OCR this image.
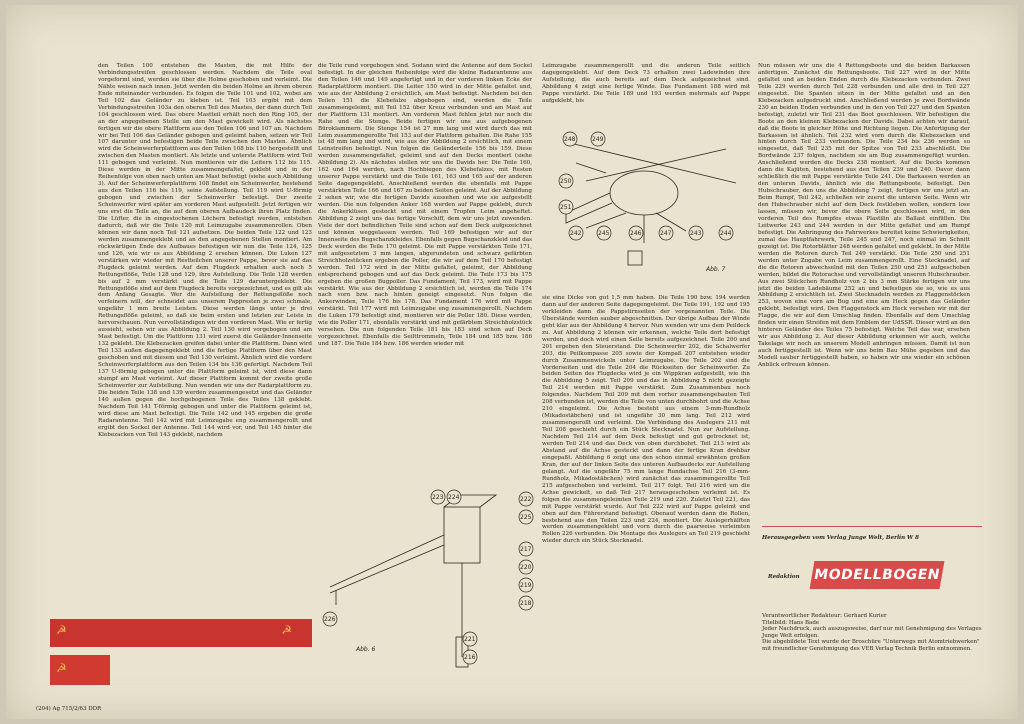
den Teilen 100 entstehen die Masten, die mit Hilfe der Verbindungsstreifen geschlossen werden. Nachdem die Teile oval vorgeformt sind, werden sie über die Holme geschoben und verleimt. Die Nähte weisen nach innen. Jetzt werden die beiden Holme an ihrem oberen Ende miteinander verbunden. Es folgen die Teile 101 und 102, wobei am Teil 102 das Geländer zu kleben ist. Teil 103 ergibt mit dem Verbindungsstreifen 103a den oberen Teil des Mastes, der dann durch Teil 104 geschlossen wird. Das obere Mastteil erhält noch den Ring 105, der an der angegebenen Stelle um den Mast gewickelt wird. Als nächstes fertigen wir die obere Plattform aus den Teilen 106 und 107 an. Nachdem wir bei Teil 106 das Geländer gebogen und geleimt haben, setzen wir Teil 107 darunter und befestigen beide Teile zwischen den Masten. Ähnlich wird die Scheinwerferplattform aus den Teilen 108 bis 110 hergestellt und zwischen den Masten montiert. Als letzte und unterste Plattform wird Teil 111 gebogen und verleimt. Nun montieren wir die Leitern 112 bis 115. Diese werden in der Mitte zusammengefaltet, geklebt und in der Reihenfolge von oben nach unten am Mast befestigt (siehe auch Abbildung 3). Auf der Scheinwerferplattform 108 findet ein Scheinwerfer, bestehend aus den Teilen 116 bis 119, seine Aufstellung. Teil 119 wird U-förmig gebogen und zwischen der Scheinwerfer befestigt. Der zweite Scheinwerfer wird später am vorderen Mast aufgestellt. Jetzt fertigen wir uns erst die Teile an, die auf dem oberen Aufbaudeck ihren Platz finden. Die Lüfter, die in eingestochenen Löchern befestigt werden, entstehen dadurch, daß wir die Teile 120 mit Leimzugabe zusammenrollen. Oben können wir dann noch Teil 121 aufsetzen. Die beiden Teile 122 und 123 werden zusammengeklebt und an den angegebenen Stellen montiert. Am rückwärtigen Ende des Aufbaues befestigen wir nun die Teile 124, 125 und 126, wie wir es aus Abbildung 2 ersehen können. Die Luken 127 verstärken wir wieder mit Restteilchen unserer Pappe, bevor sie auf das Flugdeck geleimt werden. Auf dem Flugdeck erhalten auch noch 5 Rettungsflöße, Teile 128 und 129, ihre Aufstellung. Die Teile 128 werden bis auf 2 mm verstärkt und die Teile 129 daruntergeklebt. Die Rettungsflöße sind auf dem Flugdeck bereits vorgezeichnet, und es gilt als dem Anfang Gesagte. Wer die Aufstellung der Rettungsflöße noch verfeinern will, der schneidet aus unserem Pappresten je zwei schmale, ungefähr 1 mm breite Leisten. Diese werden längs unter je drei Rettungsflöße geleimt, so daß sie beim ersten und letzten zur Leiste in hervorschauen. Nun vervollständigen wir den vorderen Mast. Wie er fertig aussieht, sehen wir aus Abbildung 2. Teil 130 wird vorgebogen und am Mast befestigt. Um die Plattform 131 wird zuerst die Geländer-Innenseite 132 geklebt. Die Klebezacken greifen dabei unter die Plattform. Dann wird Teil 133 außen dagegengeklebt und die fertige Plattform über den Mast geschoben und mit diesem und Teil 130 verleimt. Ähnlich wird die vordere Scheinwerferplattform aus den Teilen 134 bis 136 gefertigt. Nachdem Teil 137 U-förmig gebogen unter die Plattform geleimt ist, wird diese dann stumpf am Mast verleimt. Auf dieser Plattform kommt der zweite große Scheinwerfer zur Aufstellung. Nun wenden wir uns der Radarplattform zu. Die beiden Teile 138 und 139 werden zusammengesetzt und das Geländer 140 außen gegen die hochgebogenen Teile des Teiles 138 geklebt. Nachdem Teil 141 T-förmig gebogen und unter die Plattform geleimt ist, wird diese am Mast befestigt. Die Teile 142 und 145 ergeben die große Radarantenne. Teil 142 wird mit Leimzugabe eng zusammengerollt und ergibt den Sockel der Antenne. Teil 144 wird vor, und Teil 145 hinter die Klebezacken von Teil 143 geklebt, nachdem
die Teile rund vorgebogen sind. Sodann wird die Antenne auf dem Sockel befestigt. In der gleichen Reihenfolge wird die kleine Radarantenne aus den Teilen 146 und 149 angefertigt und in der vorderen linken Ecke der Radarplattform montiert. Die Leiter 150 wird in der Mitte gefaltet und, wie aus der Abbildung 2 ersichtlich, am Mast befestigt. Nachdem bei den Teilen 151 die Klebefalze abgebogen sind, werden die Teile zusammengeleimt, mit Teil 152 über Kreuz verbunden und am Mast auf der Plattform 131 montiert. Am vorderen Mast fehlen jetzt nur noch die Rahe und die Stenge. Beide fertigen wir uns aus aufgebogenen Büroklammern. Die Stenge 154 ist 27 mm lang und wird durch das mit Leim zusammengerollte Teil 153 auf der Plattform gehalten. Die Rahe 155 ist 48 mm lang und wird, wie aus der Abbildung 2 ersichtlich, mit einem Leinstreifen befestigt. Nun folgen die Geländerteile 156 bis 159. Diese werden zusammengefaltet, geleimt und auf den Decks montiert (siehe Abbildung 2). Als nächstes stellen wir uns die Davids her. Die Teile 160, 162 und 164 werden, nach Hochbiegen des Klebefalzes, mit Resten unserer Pappe verstärkt und die Teile 161, 163 und 165 auf der anderen Seite dagegengeklebt. Anschließend werden die ebenfalls mit Pappe verstärkten Teile 166 und 167 zu beiden Seiten geleimt. Auf der Abbildung 2 sehen wir, wie die fertigen Davids aussehen und wie sie aufgestellt werden. Die nun folgenden Anker 168 werden auf Pappe geklebt, durch die Ankerklüsen gesteckt und mit einem Tropfen Leim angeheftet. Abbildung 2 zeigt uns das fertige Vorschiff, dem wir uns jetzt zuwenden. Viele der dort befindlichen Teile sind schon auf dem Deck aufgezeichnet und können weggelassen werden. Teil 169 befestigen wir auf der Innenseite des Bugschanzkleides. Ebenfalls gegen Bugschanzkleid und das Deck werden die Teile 170 geleimt. Die mit Pappe verstärkten Teile 171, mit aufgesetztem 3 mm langen, abgerundeten und schwarz gefärbten Streichholzstücken ergeben die Poller, die wir auf dem Teil 170 befestigt werden. Teil 172 wird in der Mitte gefaltet, geleimt, der Abbildung entsprechend gebogen und auf das Deck geleimt. Die Teile 173 bis 175 ergeben die großen Bugpoller. Das Fundament, Teil 173, wird mit Pappe verstärkt. Wie aus der Abbildung 2 ersichtlich ist, werden die Teile 174 nach vorn bzw. nach hinten geneigt eingesetzt. Nun folgen die Ankerwinden, Teile 176 bis 178. Das Fundament 176 wird mit Pappe verstärkt. Teil 177 wird mit Leimzugabe eng zusammengerollt. Nachdem die Luken 179 befestigt sind, montieren wir die Poller 180. Diese werden, wie die Poller 171, ebenfalls verstärkt und mit gefärbtem Streichholzstück versehen. Die nun folgenden Teile 181 bis 183 sind schon auf Deck vorgezeichnet. Ebenfalls die Seilttrommeln, Teile 184 und 185 bzw. 186 und 187. Die Teile 184 bzw. 186 werden wieder mit
Leimzugabe zusammengerollt und die anderen Teile seitlich dagegengeklebt. Auf dem Deck 73 erhalten zwei Ladewinden ihre Aufstellung, die auch bereits auf dem Deck aufgezeichnet sind. Abbildung 4 zeigt eine fertige Winde. Das Fundament 188 wird mit Pappe verstärkt. Die Teile 189 und 193 werden mehrmals auf Pappe aufgeklebt, bis
sie eine Dicke von gut 1,5 mm haben. Die Teile 190 bzw. 194 werden dann auf der anderen Seite dagegengeleimt. Die Teile 191, 192 und 195 verkleiden dann die Pappstirnseiten der vorgenannten Teile. Die Überstände werden sauber abgeschnitten. Der übrige Aufbau der Winde geht klar aus der Abbildung 4 hervor. Nun wenden wir uns dem Peildeck zu. Auf Abbildung 2 können wir erkennen, welche Teile dort befestigt werden, und doch wird einen Seile bereits aufgezeichnet. Teile 200 und 201 ergeben den Steuerstand. Die Scheinwerfer 202, die Schalwerfer 203, die Peilkompasse 205 sowie der Kompaß 207 entstehen wieder durch Zusammenwickeln unter Leimzugabe. Die Teile 202 sind die Vorderseiten und die Teile 204 die Rückseiten der Scheinwerfer. Zu beiden Seiten des Flugdecks wird je ein Wippkran aufgestellt, wie ihn die Abbildung 5 zeigt. Teil 209 und das in Abbildung 5 nicht gezeigte Teil 214 werden mit Pappe verstärkt. Zum Zusammenbau noch folgendes. Nachdem Teil 209 mit dem vorher zusammengebauten Teil 208 verbunden ist, werden die Teile von unten durchbohrt und die Achse 210 eingeleimt. Die Achse besteht aus einem 3-mm-Rundholz (Mikadostäbchen) und ist ungefähr 30 mm lang. Teil 212 wird zusammengerollt und verleimt. Die Verbindung des Auslegers 211 mit Teil 208 geschieht durch ein Stück Stecknadel. Nun zur Aufstellung. Nachdem Teil 214 auf dem Deck befestigt und gut getrocknet ist, werden Teil 214 und das Deck von oben durchbohrt. Teil 213 wird als Abstand auf die Achse gesteckt und dann der fertige Kran drehbar eingepaßt. Abbildung 6 zeigt uns den schon einmal erwähnten großen Kran, der auf der linken Seite des unteren Aufbaudecks zur Aufstellung gelangt. Auf die ungefähr 75 mm lange Rundachse Teil 216 (3-mm-Rundholz, Mikadostäbchen) wird zunächst das zusammengerollte Teil 215 aufgeschoben und verleimt. Teil 217 folgt. Teil 216 wird um die Achse gewickelt, so daß Teil 217 herausgeschoben verleimt ist. Es folgen die zusammengeleimten Teile 219 und 220. Zuletzt Teil 221, das mit Pappe verstärkt wurde. Auf Teil 222 wird auf Pappe geleimt und oben auf den Führerstand befestigt. Obenauf werden dann die Rollen, bestehend aus den Teilen 223 und 224, montiert. Die Auslegerhälften werden zusammengeklebt und vorn durch die paarweise verleimten Rollen 226 verbunden. Die Montage des Auslegers an Teil 219 geschieht wieder durch ein Stück Stecknadel.
Nun müssen wir uns die 4 Rettungsboote und die beiden Barkassen anfertigen. Zunächst die Rettungsboote. Teil 227 wird in der Mitte gefaltet und an beiden Enden durch die Klebezacken verbunden. Zwei Teile 229 werden durch Teil 228 verbunden und alle drei in Teil 227 eingesetzt. Die Spanten sitzen in der Mitte gefaltet und an den Klebezacken aufgedruckt sind. Anschließend werden je zwei Bordwände 230 an beiden Enden verbunden und in den von Teil 227 und den Spanten befestigt, zuletzt wir Teil 231 das Boot geschlossen. Wir befestigen die Boote an den kleinen Klebezacken der Davids. Dabei achten wir darauf, daß die Boote in gleicher Höhe und Richtung liegen. Die Anfertigung der Barkassen ist ähnlich. Teil 232 wird vorn durch die Klebezacken und hinten durch Teil 233 verbunden. Die Teile 234 bis 236 werden so eingesetzt, daß Teil 235 mit der Spitze von Teil 233 abschließt. Die Bordwände 237 folgen, nachdem sie am Bug zusammengefügt wurden. Anschließend werden die Decks 238 montiert. Auf die Decks kommen dann die Kajüten, bestehend aus den Teilen 239 und 240. Davor dann schließlich die mit Pappe verstärkte Teile 241. Die Barkassen werden an den unteren Davids, ähnlich wie die Rettungsboote, befestigt. Den Hubschrauber, den uns die Abbildung 7 zeigt, fertigen wir uns jetzt an. Beim Rumpf, Teil 242, schließen wir zuerst die unteren Seite. Wenn wir den Hubschrauber nicht auf dem Deck festkleben wollen, sondern lose lassen, müssen wir, bevor die obere Seite geschlossen wird, in den vorderen Teil des Rumpfes etwas Plastilin als Ballast einfüllen. Die Leitwerke 243 und 244 werden in der Mitte gefaltet und am Rumpf befestigt. Die Anbringung des Fahrwerkes bereitet keine Schwierigkeiten, zumal das Hauptfahrwerk, Teile 245 und 247, noch einmal im Schnitt gezeigt ist. Die Rotorblätter 248 werden gefaltet und geklebt. In der Mitte werden die Rotoren durch Teil 249 verstärkt. Die Teile 250 und 251 werden unter Zugabe von Leim zusammengerollt. Eine Stecknadel, auf die die Rotoren abwechselnd mit den Teilen 250 und 251 aufgeschoben werden, bildet die Rotorachse und vervollständigt unseren Hubschrauber. Aus zwei Stückchen Rundholz von 2 bis 3 mm Stärke fertigen wir uns jetzt die beiden Ladebäume 252 an und befestigen sie so, wie es aus Abbildung 2 ersichtlich ist. Zwei Stecknadeln werden zu Flaggenstöcken 253, wovon eine vorn am Bug und eine am Heck gegen das Geländer geklebt, befestigt wird. Den Flaggenstock am Heck versehen wir mit der Flagge, die wir auf dem Umschlag finden. Ebenfalls auf dem Umschlag finden wir einen Streifen mit dem Emblem der UdSSR. Dieser wird an den hinteren Geländer des Teiles 75 befestigt. Welche Teil das war, ersehen wir aus Abbildung 2. Auf dieser Abbildung erkennen wir auch, welche Takelage wir noch an unserem Modell anbringen müssen. Damit ist nun auch fertiggestellt ist. Wenn wir uns beim Bau Mühe gegeben und das Modell sauber fertiggestellt haben, so haben wir uns wieder ein schönen Anblick erfreuen können.
248	249
250
251
242	245	246	247	243	244
Abb. 7
223 224	222
225
217
220
219
218
226
221
216
Abb. 6
☭	☭
☭
Herausgegeben vom Verlag Junge Welt, Berlin W 8
Redaktion MODELLBOGEN
Verantwortlicher Redakteur: Gerhard Kurier
Titelbild: Hans Bade
Jeder Nachdruck, auch auszugsweise, darf nur mit Genehmigung des Verlages Junge Welt erfolgen.
Die abgebildete Text wurde der Broschüre "Unterwegs mit Atomtriebwerken" mit freundlicher Genehmigung des VEB Verlag Technik Berlin entnommen.
(204) Ag 715/2/63 DDR
